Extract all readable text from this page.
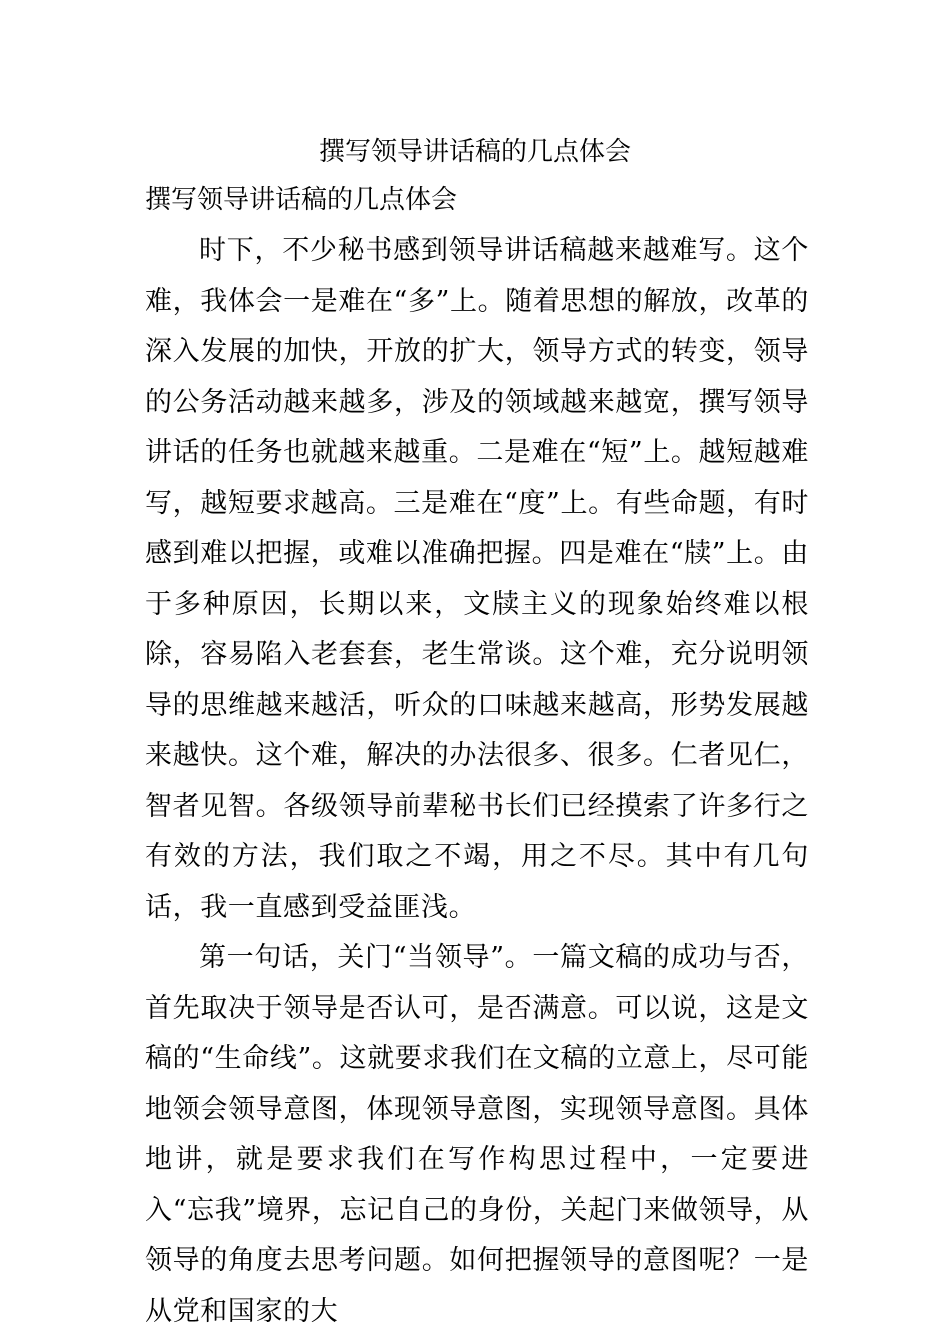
撰写领导讲话稿的几点体会
撰写领导讲话稿的几点体会

时下，不少秘书感到领导讲话稿越来越难写。这个难，我体会一是难在“多”上。随着思想的解放，改革的深入发展的加快，开放的扩大，领导方式的转变，领导的公务活动越来越多，涉及的领域越来越宽，撰写领导讲话的任务也就越来越重。二是难在“短”上。越短越难写，越短要求越高。三是难在“度”上。有些命题，有时感到难以把握，或难以准确把握。四是难在“牍”上。由于多种原因，长期以来，文牍主义的现象始终难以根除，容易陷入老套套，老生常谈。这个难，充分说明领导的思维越来越活，听众的口味越来越高，形势发展越来越快。这个难，解决的办法很多、很多。仁者见仁，智者见智。各级领导前辈秘书长们已经摸索了许多行之有效的方法，我们取之不竭，用之不尽。其中有几句话，我一直感到受益匪浅。

第一句话，关门“当领导”。一篇文稿的成功与否，首先取决于领导是否认可，是否满意。可以说，这是文稿的“生命线”。这就要求我们在文稿的立意上，尽可能地领会领导意图，体现领导意图，实现领导意图。具体地讲，就是要求我们在写作构思过程中，一定要进入“忘我”境界，忘记自己的身份，关起门来做领导，从领导的角度去思考问题。如何把握领导的意图呢？一是从党和国家的大
